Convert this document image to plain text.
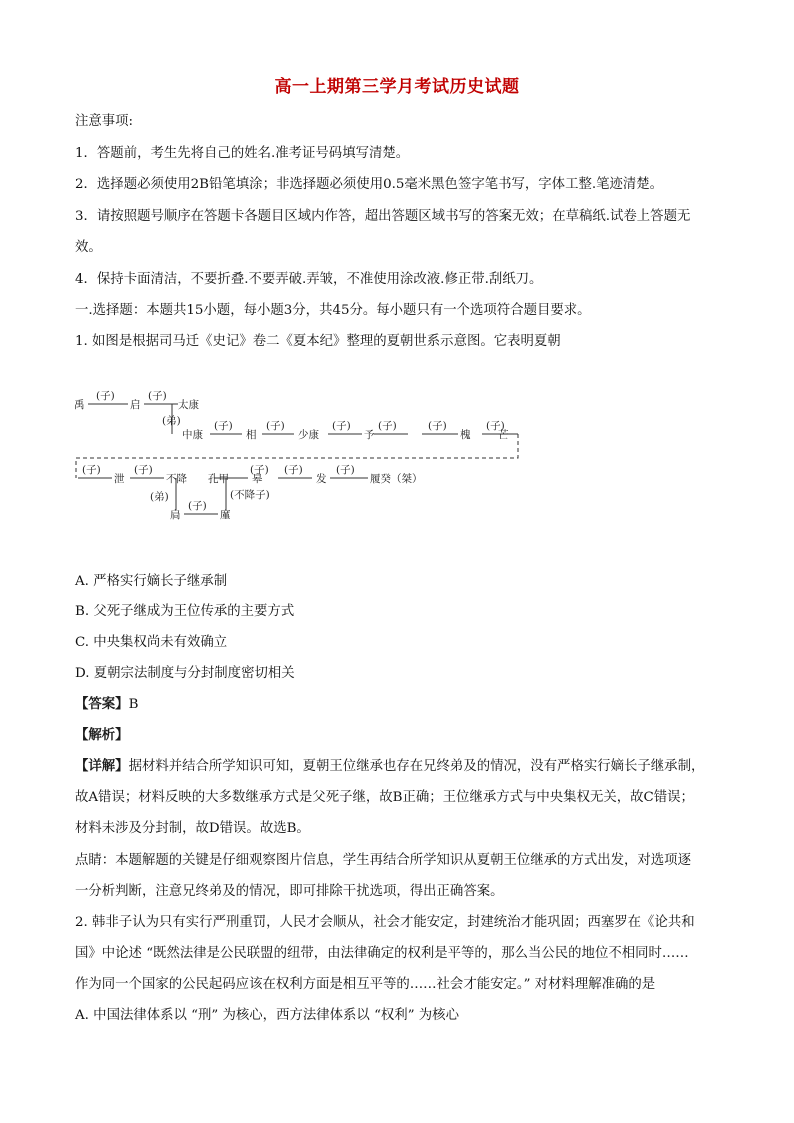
高一上期第三学月考试历史试题
注意事项:
1．答题前，考生先将自己的姓名.准考证号码填写清楚。
2．选择题必须使用2B铅笔填涂；非选择题必须使用0.5毫米黑色签字笔书写，字体工整.笔迹清楚。
3．请按照题号顺序在答题卡各题目区域内作答，超出答题区域书写的答案无效；在草稿纸.试卷上答题无
效。
4．保持卡面清洁，不要折叠.不要弄破.弄皱，不准使用涂改液.修正带.刮纸刀。
一.选择题：本题共15小题，每小题3分，共45分。每小题只有一个选项符合题目要求。
1. 如图是根据司马迁《史记》卷二《夏本纪》整理的夏朝世系示意图。它表明夏朝
禹	启	太康
(子)	(子)
(弟)
中康	相	少康	予	槐
(子)	(子)	(子)	(子)	(子)	(子)
泄	不降
(子)	(子)
(弟)
扃	廑
(子)
(不降子)
皋	发	履癸（桀）
(子) (子)	(子)
芒
孔甲
A. 严格实行嫡长子继承制
B. 父死子继成为王位传承的主要方式
C. 中央集权尚未有效确立
D. 夏朝宗法制度与分封制度密切相关
【答案】B
【解析】
【详解】据材料并结合所学知识可知，夏朝王位继承也存在兄终弟及的情况，没有严格实行嫡长子继承制，
故A错误；材料反映的大多数继承方式是父死子继，故B正确；王位继承方式与中央集权无关，故C错误；
材料未涉及分封制，故D错误。故选B。
点睛：本题解题的关键是仔细观察图片信息，学生再结合所学知识从夏朝王位继承的方式出发，对选项逐
一分析判断，注意兄终弟及的情况，即可排除干扰选项，得出正确答案。
2. 韩非子认为只有实行严刑重罚，人民才会顺从，社会才能安定，封建统治才能巩固；西塞罗在《论共和
国》中论述 “既然法律是公民联盟的纽带，由法律确定的权利是平等的，那么当公民的地位不相同时……
作为同一个国家的公民起码应该在权利方面是相互平等的……社会才能安定。” 对材料理解准确的是
A. 中国法律体系以 “刑” 为核心，西方法律体系以 “权利” 为核心
